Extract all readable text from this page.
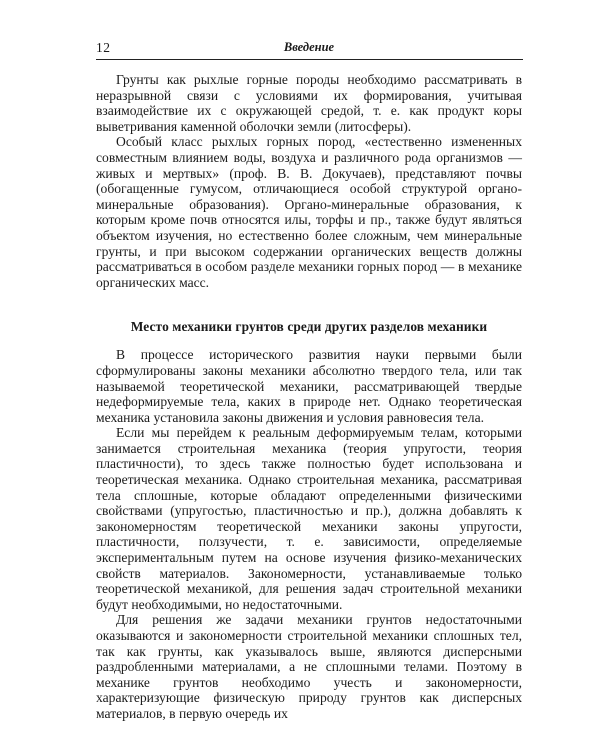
12	Введение

Грунты как рыхлые горные породы необходимо рассматривать в неразрывной связи с условиями их формирования, учитывая взаимодействие их с окружающей средой, т. е. как продукт коры выветривания каменной оболочки земли (литосферы).

Особый класс рыхлых горных пород, «естественно измененных совместным влиянием воды, воздуха и различного рода организмов — живых и мертвых» (проф. В. В. Докучаев), представляют почвы (обогащенные гумусом, отличающиеся особой структурой органо-минеральные образования). Органо-минеральные образования, к которым кроме почв относятся илы, торфы и пр., также будут являться объектом изучения, но естественно более сложным, чем минеральные грунты, и при высоком содержании органических веществ должны рассматриваться в особом разделе механики горных пород — в механике органических масс.

Место механики грунтов среди других разделов механики

В процессе исторического развития науки первыми были сформулированы законы механики абсолютно твердого тела, или так называемой теоретической механики, рассматривающей твердые недеформируемые тела, каких в природе нет. Однако теоретическая механика установила законы движения и условия равновесия тела.

Если мы перейдем к реальным деформируемым телам, которыми занимается строительная механика (теория упругости, теория пластичности), то здесь также полностью будет использована и теоретическая механика. Однако строительная механика, рассматривая тела сплошные, которые обладают определенными физическими свойствами (упругостью, пластичностью и пр.), должна добавлять к закономерностям теоретической механики законы упругости, пластичности, ползучести, т. е. зависимости, определяемые экспериментальным путем на основе изучения физико-механических свойств материалов. Закономерности, устанавливаемые только теоретической механикой, для решения задач строительной механики будут необходимыми, но недостаточными.

Для решения же задачи механики грунтов недостаточными оказываются и закономерности строительной механики сплошных тел, так как грунты, как указывалось выше, являются дисперсными раздробленными материалами, а не сплошными телами. Поэтому в механике грунтов необходимо учесть и закономерности, характеризующие физическую природу грунтов как дисперсных материалов, в первую очередь их
